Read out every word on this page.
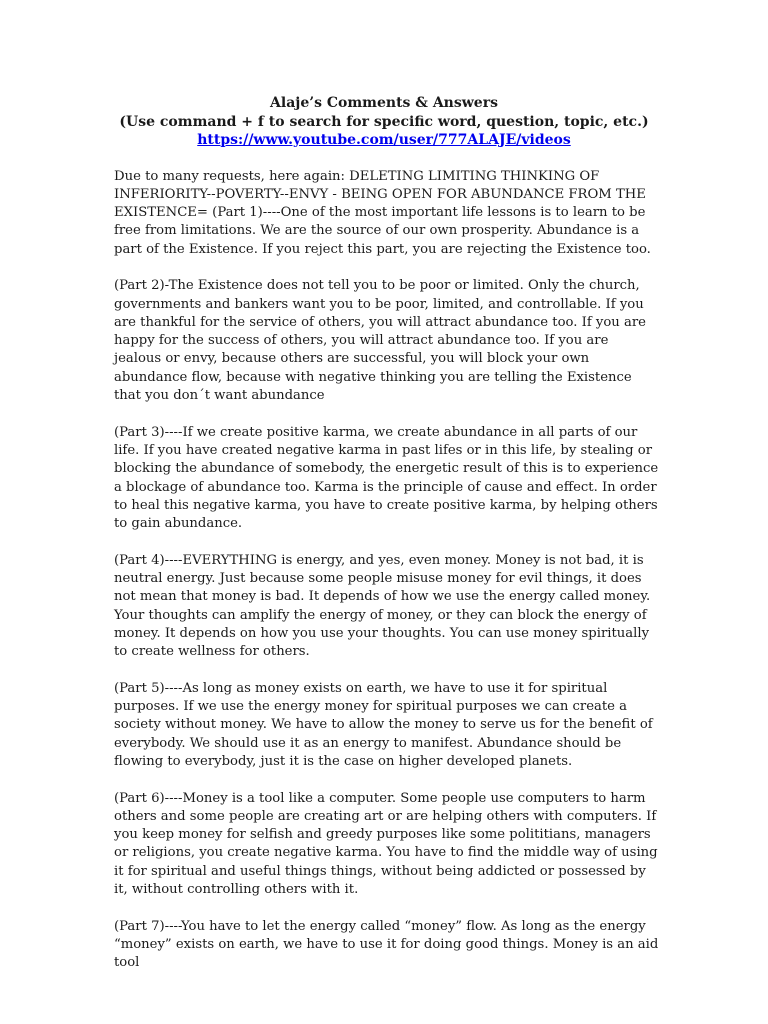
Alaje’s Comments & Answers
(Use command + f to search for specific word, question, topic, etc.)
https://www.youtube.com/user/777ALAJE/videos

Due to many requests, here again: DELETING LIMITING THINKING OF INFERIORITY--POVERTY--ENVY - BEING OPEN FOR ABUNDANCE FROM THE EXISTENCE= (Part 1)----One of the most important life lessons is to learn to be free from limitations. We are the source of our own prosperity. Abundance is a part of the Existence. If you reject this part, you are rejecting the Existence too.

(Part 2)-The Existence does not tell you to be poor or limited. Only the church, governments and bankers want you to be poor, limited, and controllable. If you are thankful for the service of others, you will attract abundance too. If you are happy for the success of others, you will attract abundance too. If you are jealous or envy, because others are successful, you will block your own abundance flow, because with negative thinking you are telling the Existence that you don´t want abundance

(Part 3)----If we create positive karma, we create abundance in all parts of our life. If you have created negative karma in past lifes or in this life, by stealing or blocking the abundance of somebody, the energetic result of this is to experience a blockage of abundance too. Karma is the principle of cause and effect. In order to heal this negative karma, you have to create positive karma, by helping others to gain abundance.

(Part 4)----EVERYTHING is energy, and yes, even money. Money is not bad, it is neutral energy. Just because some people misuse money for evil things, it does not mean that money is bad. It depends of how we use the energy called money. Your thoughts can amplify the energy of money, or they can block the energy of money. It depends on how you use your thoughts. You can use money spiritually to create wellness for others.

(Part 5)----As long as money exists on earth, we have to use it for spiritual purposes. If we use the energy money for spiritual purposes we can create a society without money. We have to allow the money to serve us for the benefit of everybody. We should use it as an energy to manifest. Abundance should be flowing to everybody, just it is the case on higher developed planets.

(Part 6)----Money is a tool like a computer. Some people use computers to harm others and some people are creating art or are helping others with computers. If you keep money for selfish and greedy purposes like some polititians, managers or religions, you create negative karma. You have to find the middle way of using it for spiritual and useful things things, without being addicted or possessed by it, without controlling others with it.

(Part 7)----You have to let the energy called “money” flow. As long as the energy “money” exists on earth, we have to use it for doing good things. Money is an aid tool
